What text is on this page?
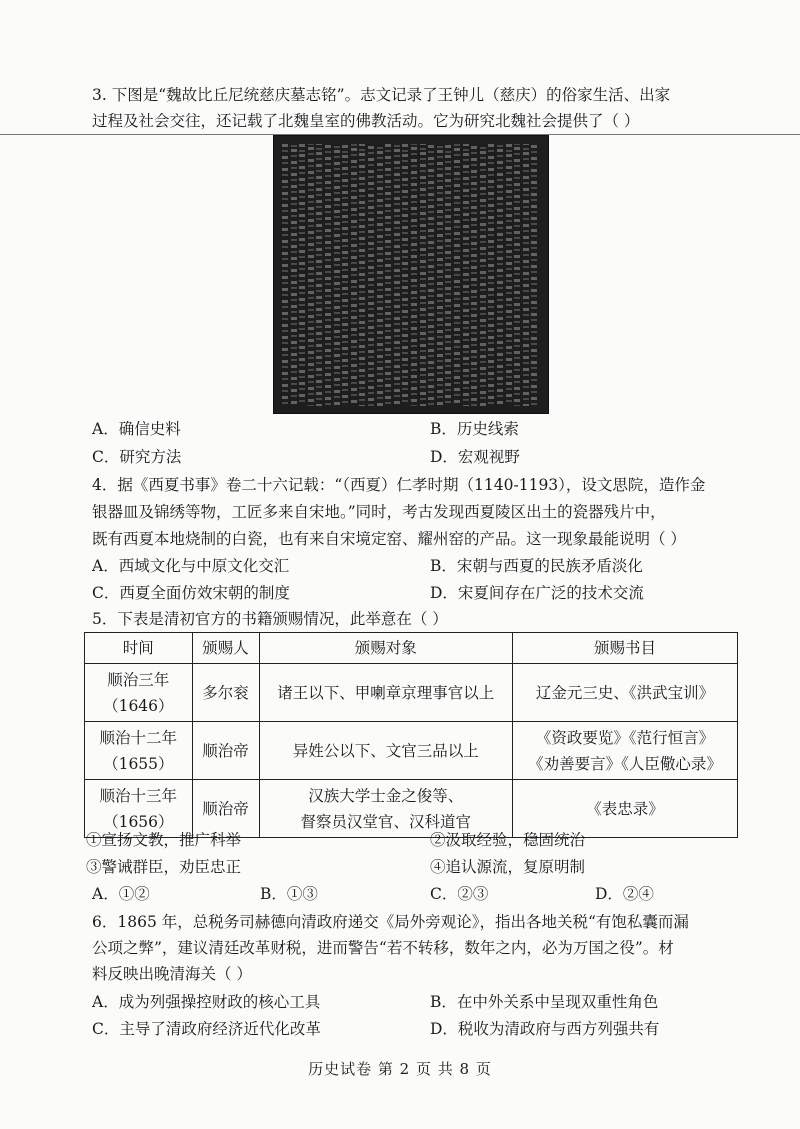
3. 下图是“魏故比丘尼统慈庆墓志铭”。志文记录了王钟儿（慈庆）的俗家生活、出家
过程及社会交往，还记载了北魏皇室的佛教活动。它为研究北魏社会提供了（ ）
A．确信史料	B．历史线索
C．研究方法	D．宏观视野
4．据《西夏书事》卷二十六记载：“（西夏）仁孝时期（1140-1193），设文思院，造作金
银器皿及锦绣等物，工匠多来自宋地。”同时，考古发现西夏陵区出土的瓷器残片中，
既有西夏本地烧制的白瓷，也有来自宋境定窑、耀州窑的产品。这一现象最能说明（ ）
A．西域文化与中原文化交汇	B．宋朝与西夏的民族矛盾淡化
C．西夏全面仿效宋朝的制度	D．宋夏间存在广泛的技术交流
5．下表是清初官方的书籍颁赐情况，此举意在（ ）
时间	颁赐人	颁赐对象	颁赐书目

顺治三年
（1646）	多尔衮	诸王以下、甲喇章京理事官以上	辽金元三史、《洪武宝训》

顺治十二年
（1655）	顺治帝	异姓公以下、文官三品以上	《资政要览》《范行恒言》
《劝善要言》《人臣儆心录》

顺治十三年
（1656）	顺治帝	汉族大学士金之俊等、
督察员汉堂官、汉科道官	《表忠录》
①宣扬文教，推广科举	②汲取经验，稳固统治
③警诫群臣，劝臣忠正	④追认源流，复原明制
A．①②	B．①③	C．②③	D．②④
6．1865 年，总税务司赫德向清政府递交《局外旁观论》，指出各地关税“有饱私囊而漏
公项之弊”，建议清廷改革财税，进而警告“若不转移，数年之内，必为万国之役”。材
料反映出晚清海关（ ）
A．成为列强操控财政的核心工具	B．在中外关系中呈现双重性角色
C．主导了清政府经济近代化改革	D．税收为清政府与西方列强共有
历史试卷 第 2 页 共 8 页
